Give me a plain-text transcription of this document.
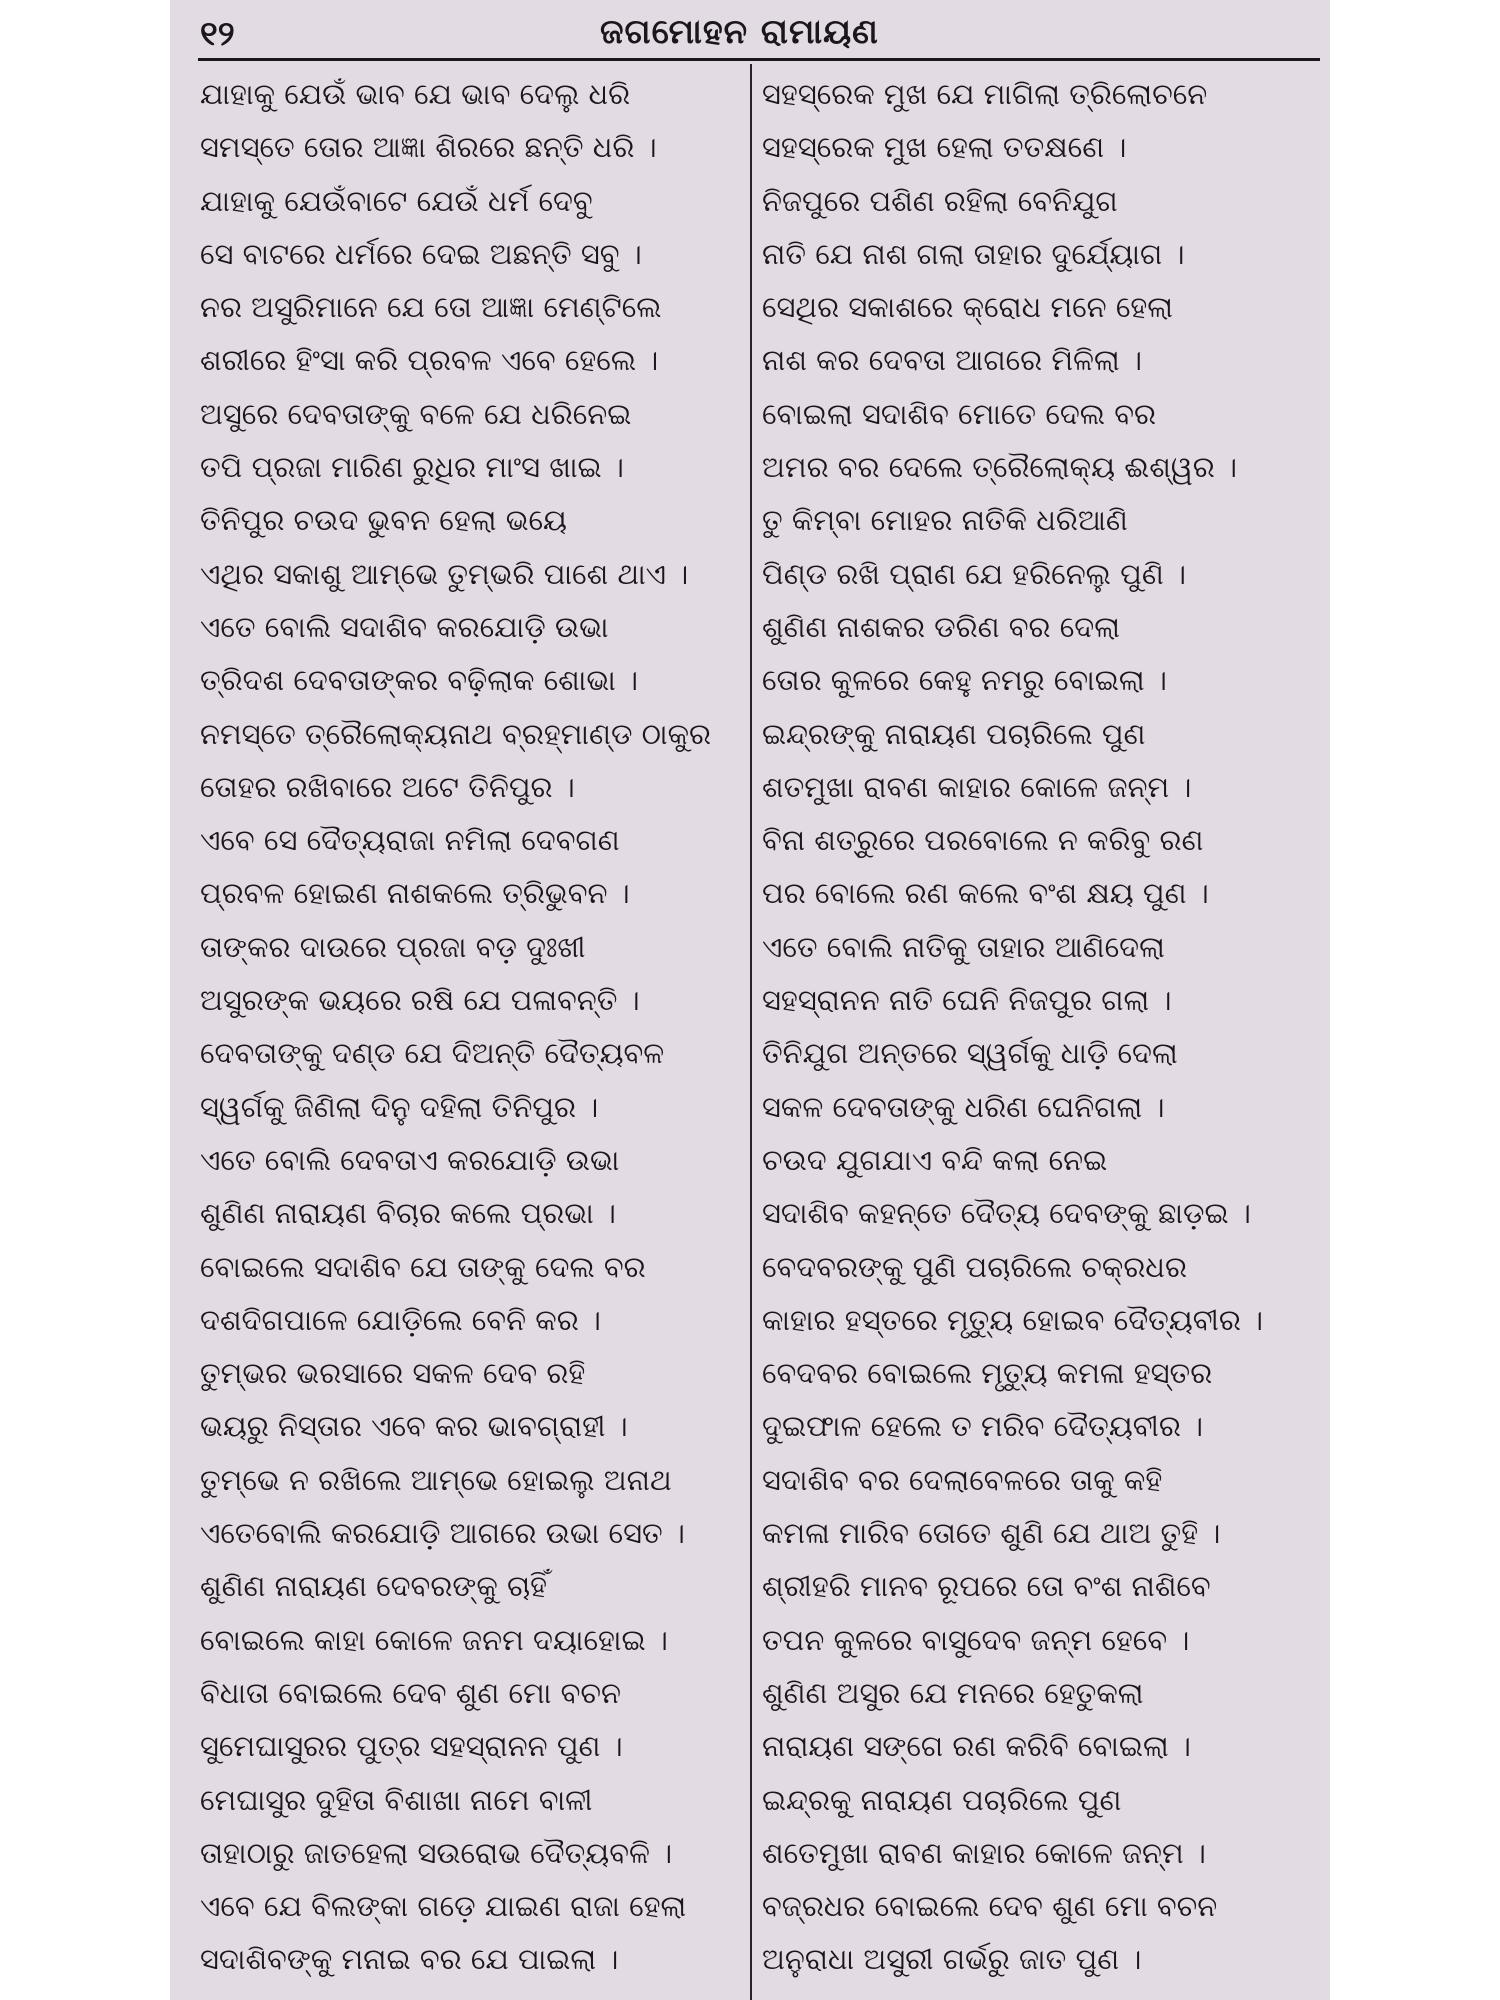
୧୨	ଜଗମୋହନ ରାମାୟଣ
ଯାହାକୁ ଯେଉଁ ଭାବ ଯେ ଭାବ ଦେଲୁ ଧରି
ସମସ୍ତେ ତୋର ଆଜ୍ଞା ଶିରରେ ଛନ୍ତି ଧରି ।
ଯାହାକୁ ଯେଉଁବାଟେ ଯେଉଁ ଧର୍ମ ଦେବୁ
ସେ ବାଟରେ ଧର୍ମରେ ଦେଇ ଅଛନ୍ତି ସବୁ ।
ନର ଅସୁରିମାନେ ଯେ ତୋ ଆଜ୍ଞା ମେଣ୍ଟିଲେ
ଶରୀରେ ହିଂସା କରି ପ୍ରବଳ ଏବେ ହେଲେ ।
ଅସୁରେ ଦେବତାଙ୍କୁ ବଳେ ଯେ ଧରିନେଇ
ତପି ପ୍ରଜା ମାରିଣ ରୁଧିର ମାଂସ ଖାଇ ।
ତିନିପୁର ଚଉଦ ଭୁବନ ହେଲା ଭୟେ
ଏଥିର ସକାଶୁ ଆମ୍ଭେ ତୁମ୍ଭରି ପାଶେ ଥାଏ ।
ଏତେ ବୋଲି ସଦାଶିବ କରଯୋଡ଼ି ଉଭା
ତ୍ରିଦଶ ଦେବତାଙ୍କର ବଢ଼ିଲାକ ଶୋଭା ।
ନମସ୍ତେ ତ୍ରୈଲୋକ୍ୟନାଥ ବ୍ରହ୍ମାଣ୍ଡ ଠାକୁର
ତୋହର ରଖିବାରେ ଅଟେ ତିନିପୁର ।
ଏବେ ସେ ଦୈତ୍ୟରାଜା ନମିଲା ଦେବଗଣ
ପ୍ରବଳ ହୋଇଣ ନାଶକଲେ ତ୍ରିଭୁବନ ।
ତାଙ୍କର ଦାଉରେ ପ୍ରଜା ବଡ଼ ଦୁଃଖୀ
ଅସୁରଙ୍କ ଭୟରେ ରଷି ଯେ ପଳାବନ୍ତି ।
ଦେବତାଙ୍କୁ ଦଣ୍ଡ ଯେ ଦିଅନ୍ତି ଦୈତ୍ୟବଳ
ସ୍ୱର୍ଗକୁ ଜିଣିଲା ଦିନୁ ଦହିଲା ତିନିପୁର ।
ଏତେ ବୋଲି ଦେବତାଏ କରଯୋଡ଼ି ଉଭା
ଶୁଣିଣ ନାରାୟଣ ବିଚାର କଲେ ପ୍ରଭା ।
ବୋଇଲେ ସଦାଶିବ ଯେ ତାଙ୍କୁ ଦେଲ ବର
ଦଶଦିଗପାଳେ ଯୋଡ଼ିଲେ ବେନି କର ।
ତୁମ୍ଭର ଭରସାରେ ସକଳ ଦେବ ରହି
ଭୟରୁ ନିସ୍ତାର ଏବେ କର ଭାବଗ୍ରାହୀ ।
ତୁମ୍ଭେ ନ ରଖିଲେ ଆମ୍ଭେ ହୋଇଲୁ ଅନାଥ
ଏତେବୋଲି କରଯୋଡ଼ି ଆଗରେ ଉଭା ସେତ ।
ଶୁଣିଣ ନାରାୟଣ ଦେବରଙ୍କୁ ଚାହିଁ
ବୋଇଲେ କାହା କୋଳେ ଜନମ ଦୟାହୋଇ ।
ବିଧାତା ବୋଇଲେ ଦେବ ଶୁଣ ମୋ ବଚନ
ସୁମେଘାସୁରର ପୁତ୍ର ସହସ୍ରାନନ ପୁଣ ।
ମେଘାସୁର ଦୁହିତା ବିଶାଖା ନାମେ ବାଳୀ
ତାହାଠାରୁ ଜାତହେଲା ସଉରୋଭ ଦୈତ୍ୟବଳି ।
ଏବେ ଯେ ବିଲଙ୍କା ଗଡ଼େ ଯାଇଣ ରାଜା ହେଲା
ସଦାଶିବଙ୍କୁ ମନାଇ ବର ଯେ ପାଇଲା ।
ସହସ୍ରେକ ମୁଖ ଯେ ମାଗିଲା ତ୍ରିଲୋଚନେ
ସହସ୍ରେକ ମୁଖ ହେଲା ତତକ୍ଷଣେ ।
ନିଜପୁରେ ପଶିଣ ରହିଲା ବେନିଯୁଗ
ନାତି ଯେ ନାଶ ଗଲା ତାହାର ଦୁର୍ଯ୍ୟୋଗ ।
ସେଥିର ସକାଶରେ କ୍ରୋଧ ମନେ ହେଲା
ନାଶ କର ଦେବତା ଆଗରେ ମିଳିଲା ।
ବୋଇଲା ସଦାଶିବ ମୋତେ ଦେଲ ବର
ଅମର ବର ଦେଲେ ତ୍ରୈଲୋକ୍ୟ ଈଶ୍ୱର ।
ତୁ କିମ୍ବା ମୋହର ନାତିକି ଧରିଆଣି
ପିଣ୍ଡ ରଖି ପ୍ରାଣ ଯେ ହରିନେଲୁ ପୁଣି ।
ଶୁଣିଣ ନାଶକର ଡରିଣ ବର ଦେଲା
ତୋର କୁଳରେ କେହୁ ନମରୁ ବୋଇଲା ।
ଇନ୍ଦ୍ରଙ୍କୁ ନାରାୟଣ ପଚାରିଲେ ପୁଣ
ଶତମୁଖା ରାବଣ କାହାର କୋଳେ ଜନ୍ମ ।
ବିନା ଶତ୍ରୁରେ ପରବୋଲେ ନ କରିବୁ ରଣ
ପର ବୋଲେ ରଣ କଲେ ବଂଶ କ୍ଷୟ ପୁଣ ।
ଏତେ ବୋଲି ନାତିକୁ ତାହାର ଆଣିଦେଲା
ସହସ୍ରାନନ ନାତି ଘେନି ନିଜପୁର ଗଲା ।
ତିନିଯୁଗ ଅନ୍ତରେ ସ୍ୱର୍ଗକୁ ଧାଡ଼ି ଦେଲା
ସକଳ ଦେବତାଙ୍କୁ ଧରିଣ ଘେନିଗଲା ।
ଚଉଦ ଯୁଗଯାଏ ବନ୍ଦି କଲା ନେଇ
ସଦାଶିବ କହନ୍ତେ ଦୈତ୍ୟ ଦେବଙ୍କୁ ଛାଡ଼ଇ ।
ବେଦବରଙ୍କୁ ପୁଣି ପଚାରିଲେ ଚକ୍ରଧର
କାହାର ହସ୍ତରେ ମୃତ୍ୟୁ ହୋଇବ ଦୈତ୍ୟବୀର ।
ବେଦବର ବୋଇଲେ ମୃତ୍ୟୁ କମଳା ହସ୍ତର
ଦୁଇଫାଳ ହେଲେ ତ ମରିବ ଦୈତ୍ୟବୀର ।
ସଦାଶିବ ବର ଦେଲାବେଳରେ ତାକୁ କହି
କମଳା ମାରିବ ତୋତେ ଶୁଣି ଯେ ଥାଅ ତୁହି ।
ଶ୍ରୀହରି ମାନବ ରୂପରେ ତୋ ବଂଶ ନାଶିବେ
ତପନ କୁଳରେ ବାସୁଦେବ ଜନ୍ମ ହେବେ ।
ଶୁଣିଣ ଅସୁର ଯେ ମନରେ ହେତୁକଲା
ନାରାୟଣ ସଙ୍ଗେ ରଣ କରିବି ବୋଇଲା ।
ଇନ୍ଦ୍ରକୁ ନାରାୟଣ ପଚାରିଲେ ପୁଣ
ଶତେମୁଖା ରାବଣ କାହାର କୋଳେ ଜନ୍ମ ।
ବଜ୍ରଧର ବୋଇଲେ ଦେବ ଶୁଣ ମୋ ବଚନ
ଅନୁରାଧା ଅସୁରୀ ଗର୍ଭରୁ ଜାତ ପୁଣ ।
